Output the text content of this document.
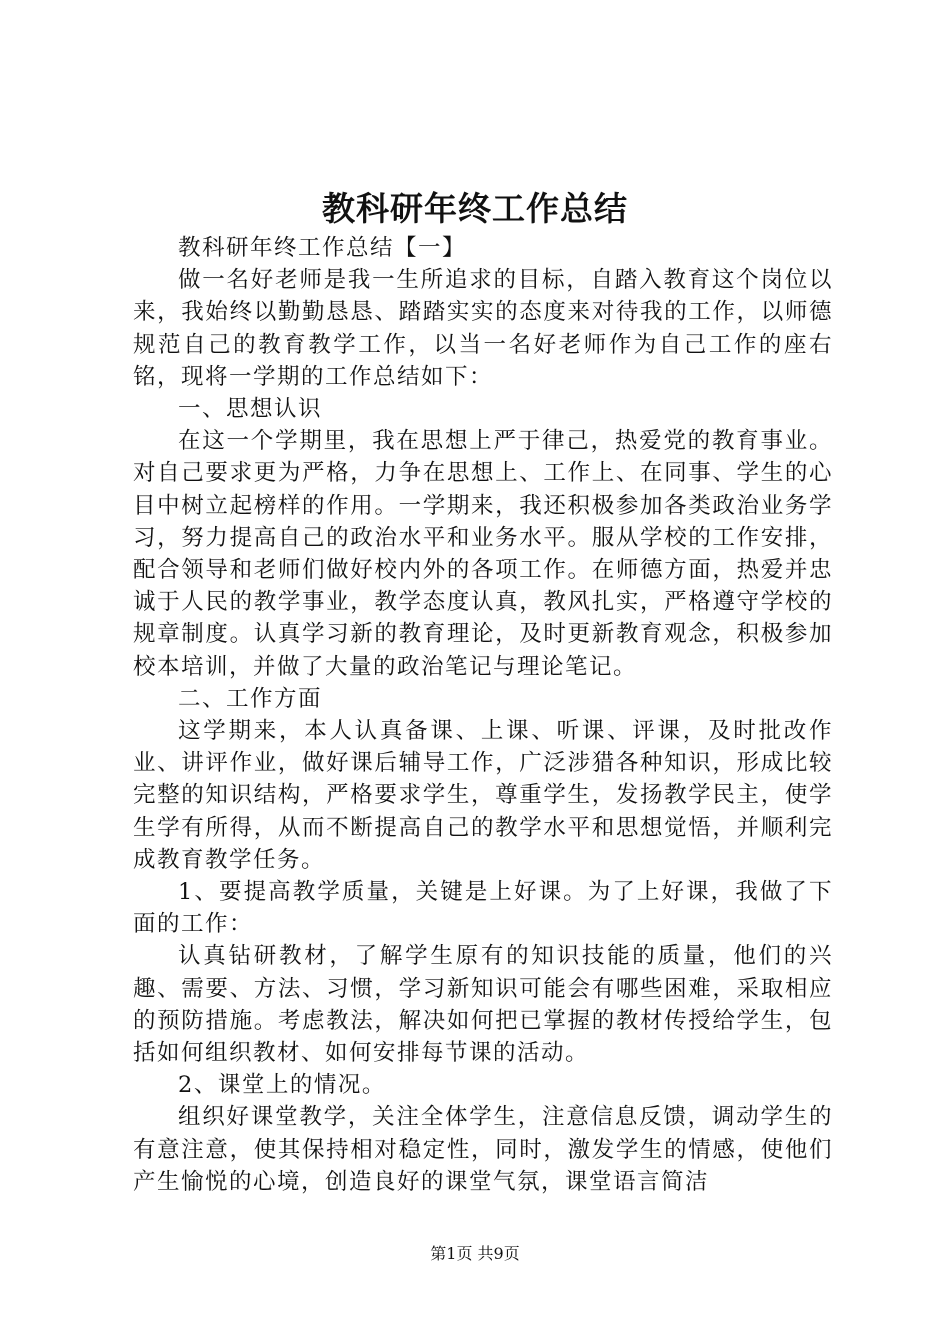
教科研年终工作总结

教科研年终工作总结【一】

做一名好老师是我一生所追求的目标，自踏入教育这个岗位以来，我始终以勤勤恳恳、踏踏实实的态度来对待我的工作，以师德规范自己的教育教学工作，以当一名好老师作为自己工作的座右铭，现将一学期的工作总结如下：

一、思想认识

在这一个学期里，我在思想上严于律己，热爱党的教育事业。对自己要求更为严格，力争在思想上、工作上、在同事、学生的心目中树立起榜样的作用。一学期来，我还积极参加各类政治业务学习，努力提高自己的政治水平和业务水平。服从学校的工作安排，配合领导和老师们做好校内外的各项工作。在师德方面，热爱并忠诚于人民的教学事业，教学态度认真，教风扎实，严格遵守学校的规章制度。认真学习新的教育理论，及时更新教育观念，积极参加校本培训，并做了大量的政治笔记与理论笔记。

二、工作方面

这学期来，本人认真备课、上课、听课、评课，及时批改作业、讲评作业，做好课后辅导工作，广泛涉猎各种知识，形成比较完整的知识结构，严格要求学生，尊重学生，发扬教学民主，使学生学有所得，从而不断提高自己的教学水平和思想觉悟，并顺利完成教育教学任务。

1、要提高教学质量，关键是上好课。为了上好课，我做了下面的工作：

认真钻研教材，了解学生原有的知识技能的质量，他们的兴趣、需要、方法、习惯，学习新知识可能会有哪些困难，采取相应的预防措施。考虑教法，解决如何把已掌握的教材传授给学生，包括如何组织教材、如何安排每节课的活动。

2、课堂上的情况。

组织好课堂教学，关注全体学生，注意信息反馈，调动学生的有意注意，使其保持相对稳定性，同时，激发学生的情感，使他们产生愉悦的心境，创造良好的课堂气氛，课堂语言简洁

第1页 共9页
